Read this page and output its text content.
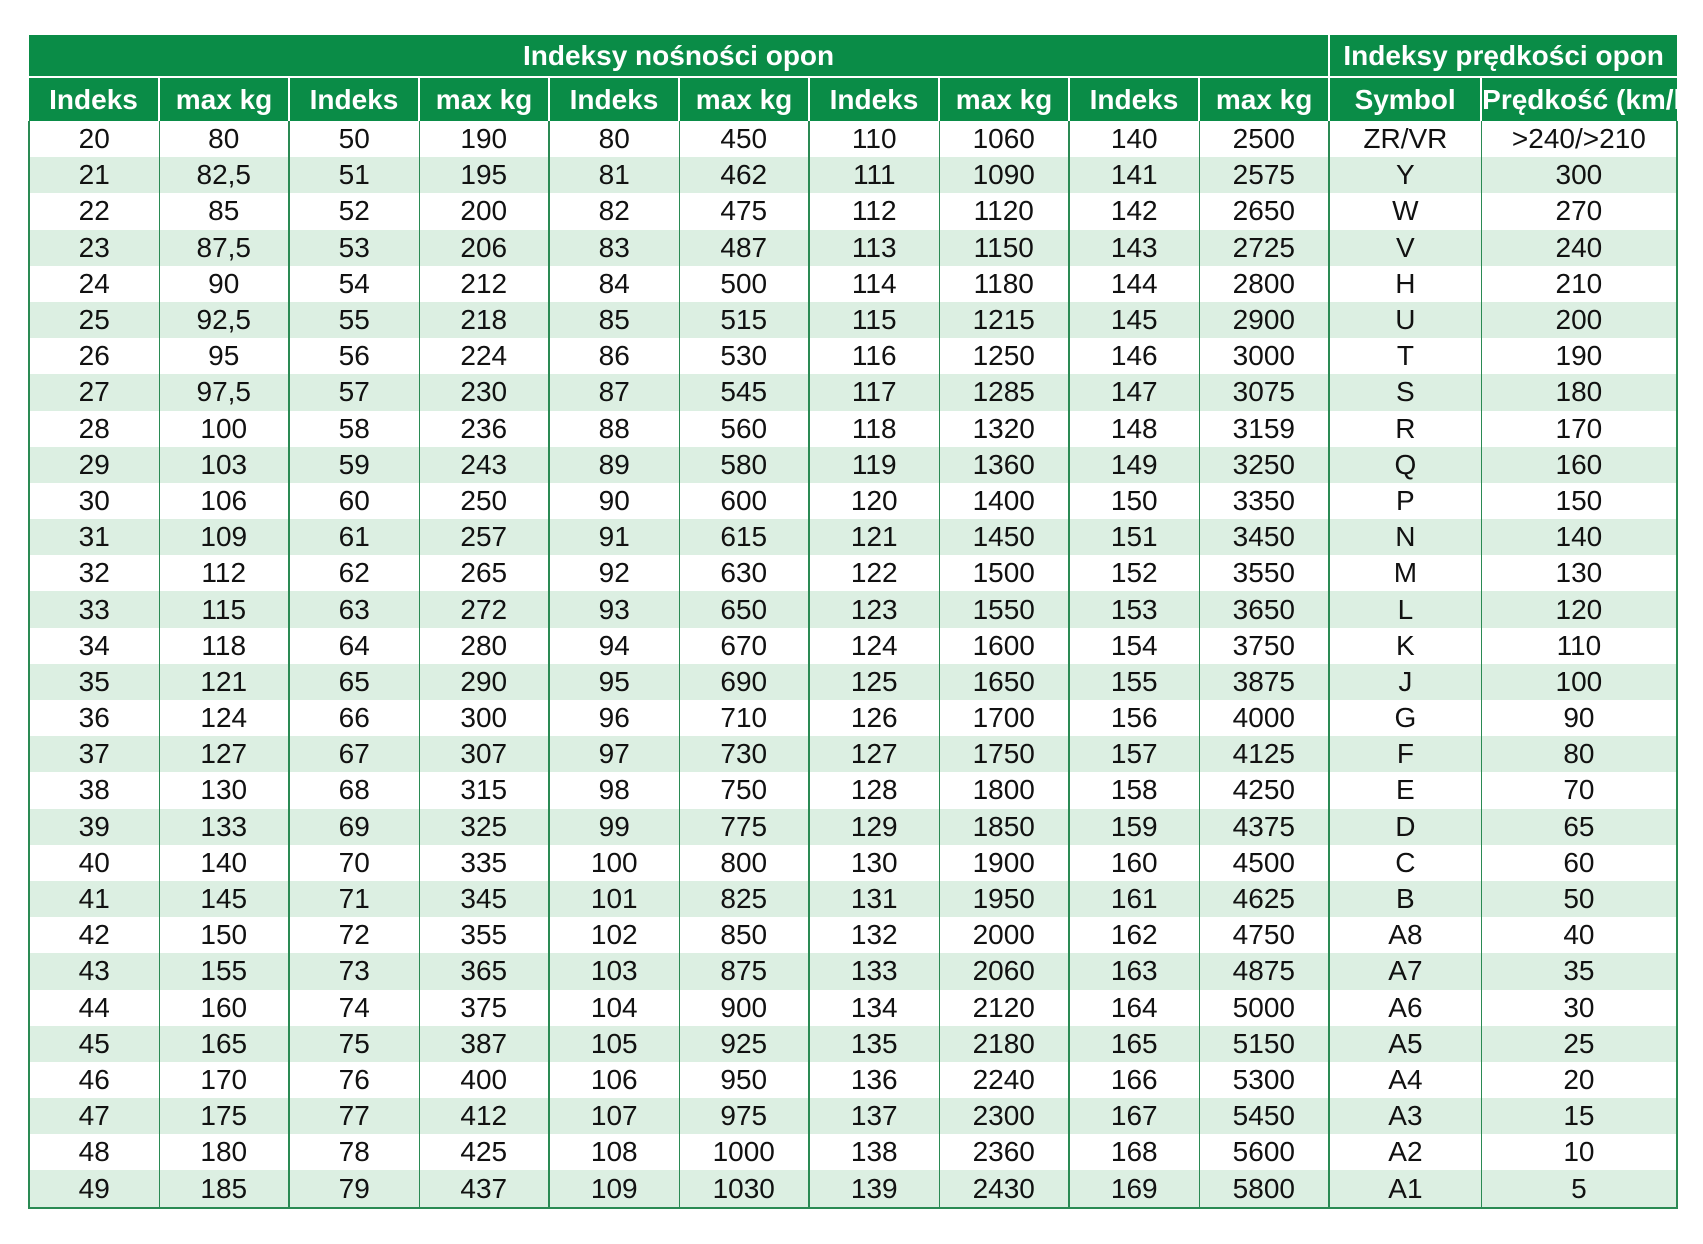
Indeksy nośności opon										Indeksy prędkości opon	
Indeks	max kg	Indeks	max kg	Indeks	max kg	Indeks	max kg	Indeks	max kg	Symbol	Prędkość (km/h)
20	80	50	190	80	450	110	1060	140	2500	ZR/VR	>240/>210
21	82,5	51	195	81	462	111	1090	141	2575	Y	300
22	85	52	200	82	475	112	1120	142	2650	W	270
23	87,5	53	206	83	487	113	1150	143	2725	V	240
24	90	54	212	84	500	114	1180	144	2800	H	210
25	92,5	55	218	85	515	115	1215	145	2900	U	200
26	95	56	224	86	530	116	1250	146	3000	T	190
27	97,5	57	230	87	545	117	1285	147	3075	S	180
28	100	58	236	88	560	118	1320	148	3159	R	170
29	103	59	243	89	580	119	1360	149	3250	Q	160
30	106	60	250	90	600	120	1400	150	3350	P	150
31	109	61	257	91	615	121	1450	151	3450	N	140
32	112	62	265	92	630	122	1500	152	3550	M	130
33	115	63	272	93	650	123	1550	153	3650	L	120
34	118	64	280	94	670	124	1600	154	3750	K	110
35	121	65	290	95	690	125	1650	155	3875	J	100
36	124	66	300	96	710	126	1700	156	4000	G	90
37	127	67	307	97	730	127	1750	157	4125	F	80
38	130	68	315	98	750	128	1800	158	4250	E	70
39	133	69	325	99	775	129	1850	159	4375	D	65
40	140	70	335	100	800	130	1900	160	4500	C	60
41	145	71	345	101	825	131	1950	161	4625	B	50
42	150	72	355	102	850	132	2000	162	4750	A8	40
43	155	73	365	103	875	133	2060	163	4875	A7	35
44	160	74	375	104	900	134	2120	164	5000	A6	30
45	165	75	387	105	925	135	2180	165	5150	A5	25
46	170	76	400	106	950	136	2240	166	5300	A4	20
47	175	77	412	107	975	137	2300	167	5450	A3	15
48	180	78	425	108	1000	138	2360	168	5600	A2	10
49	185	79	437	109	1030	139	2430	169	5800	A1	5
